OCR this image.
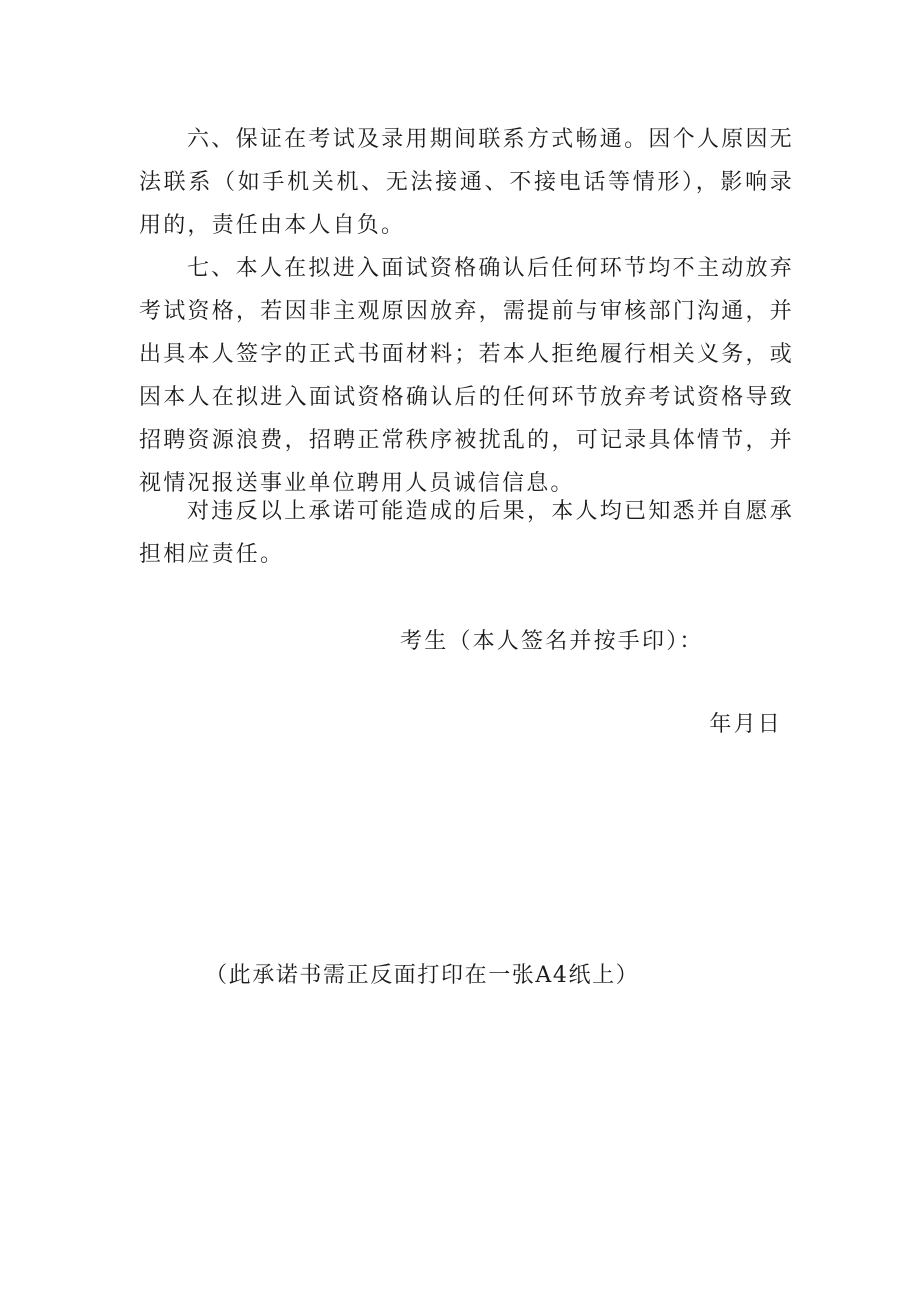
六、保证在考试及录用期间联系方式畅通。因个人原因无法联系（如手机关机、无法接通、不接电话等情形），影响录用的，责任由本人自负。

七、本人在拟进入面试资格确认后任何环节均不主动放弃考试资格，若因非主观原因放弃，需提前与审核部门沟通，并出具本人签字的正式书面材料；若本人拒绝履行相关义务，或因本人在拟进入面试资格确认后的任何环节放弃考试资格导致招聘资源浪费，招聘正常秩序被扰乱的，可记录具体情节，并视情况报送事业单位聘用人员诚信信息。

对违反以上承诺可能造成的后果，本人均已知悉并自愿承担相应责任。

考生（本人签名并按手印）：

年月日

（此承诺书需正反面打印在一张A4纸上）
